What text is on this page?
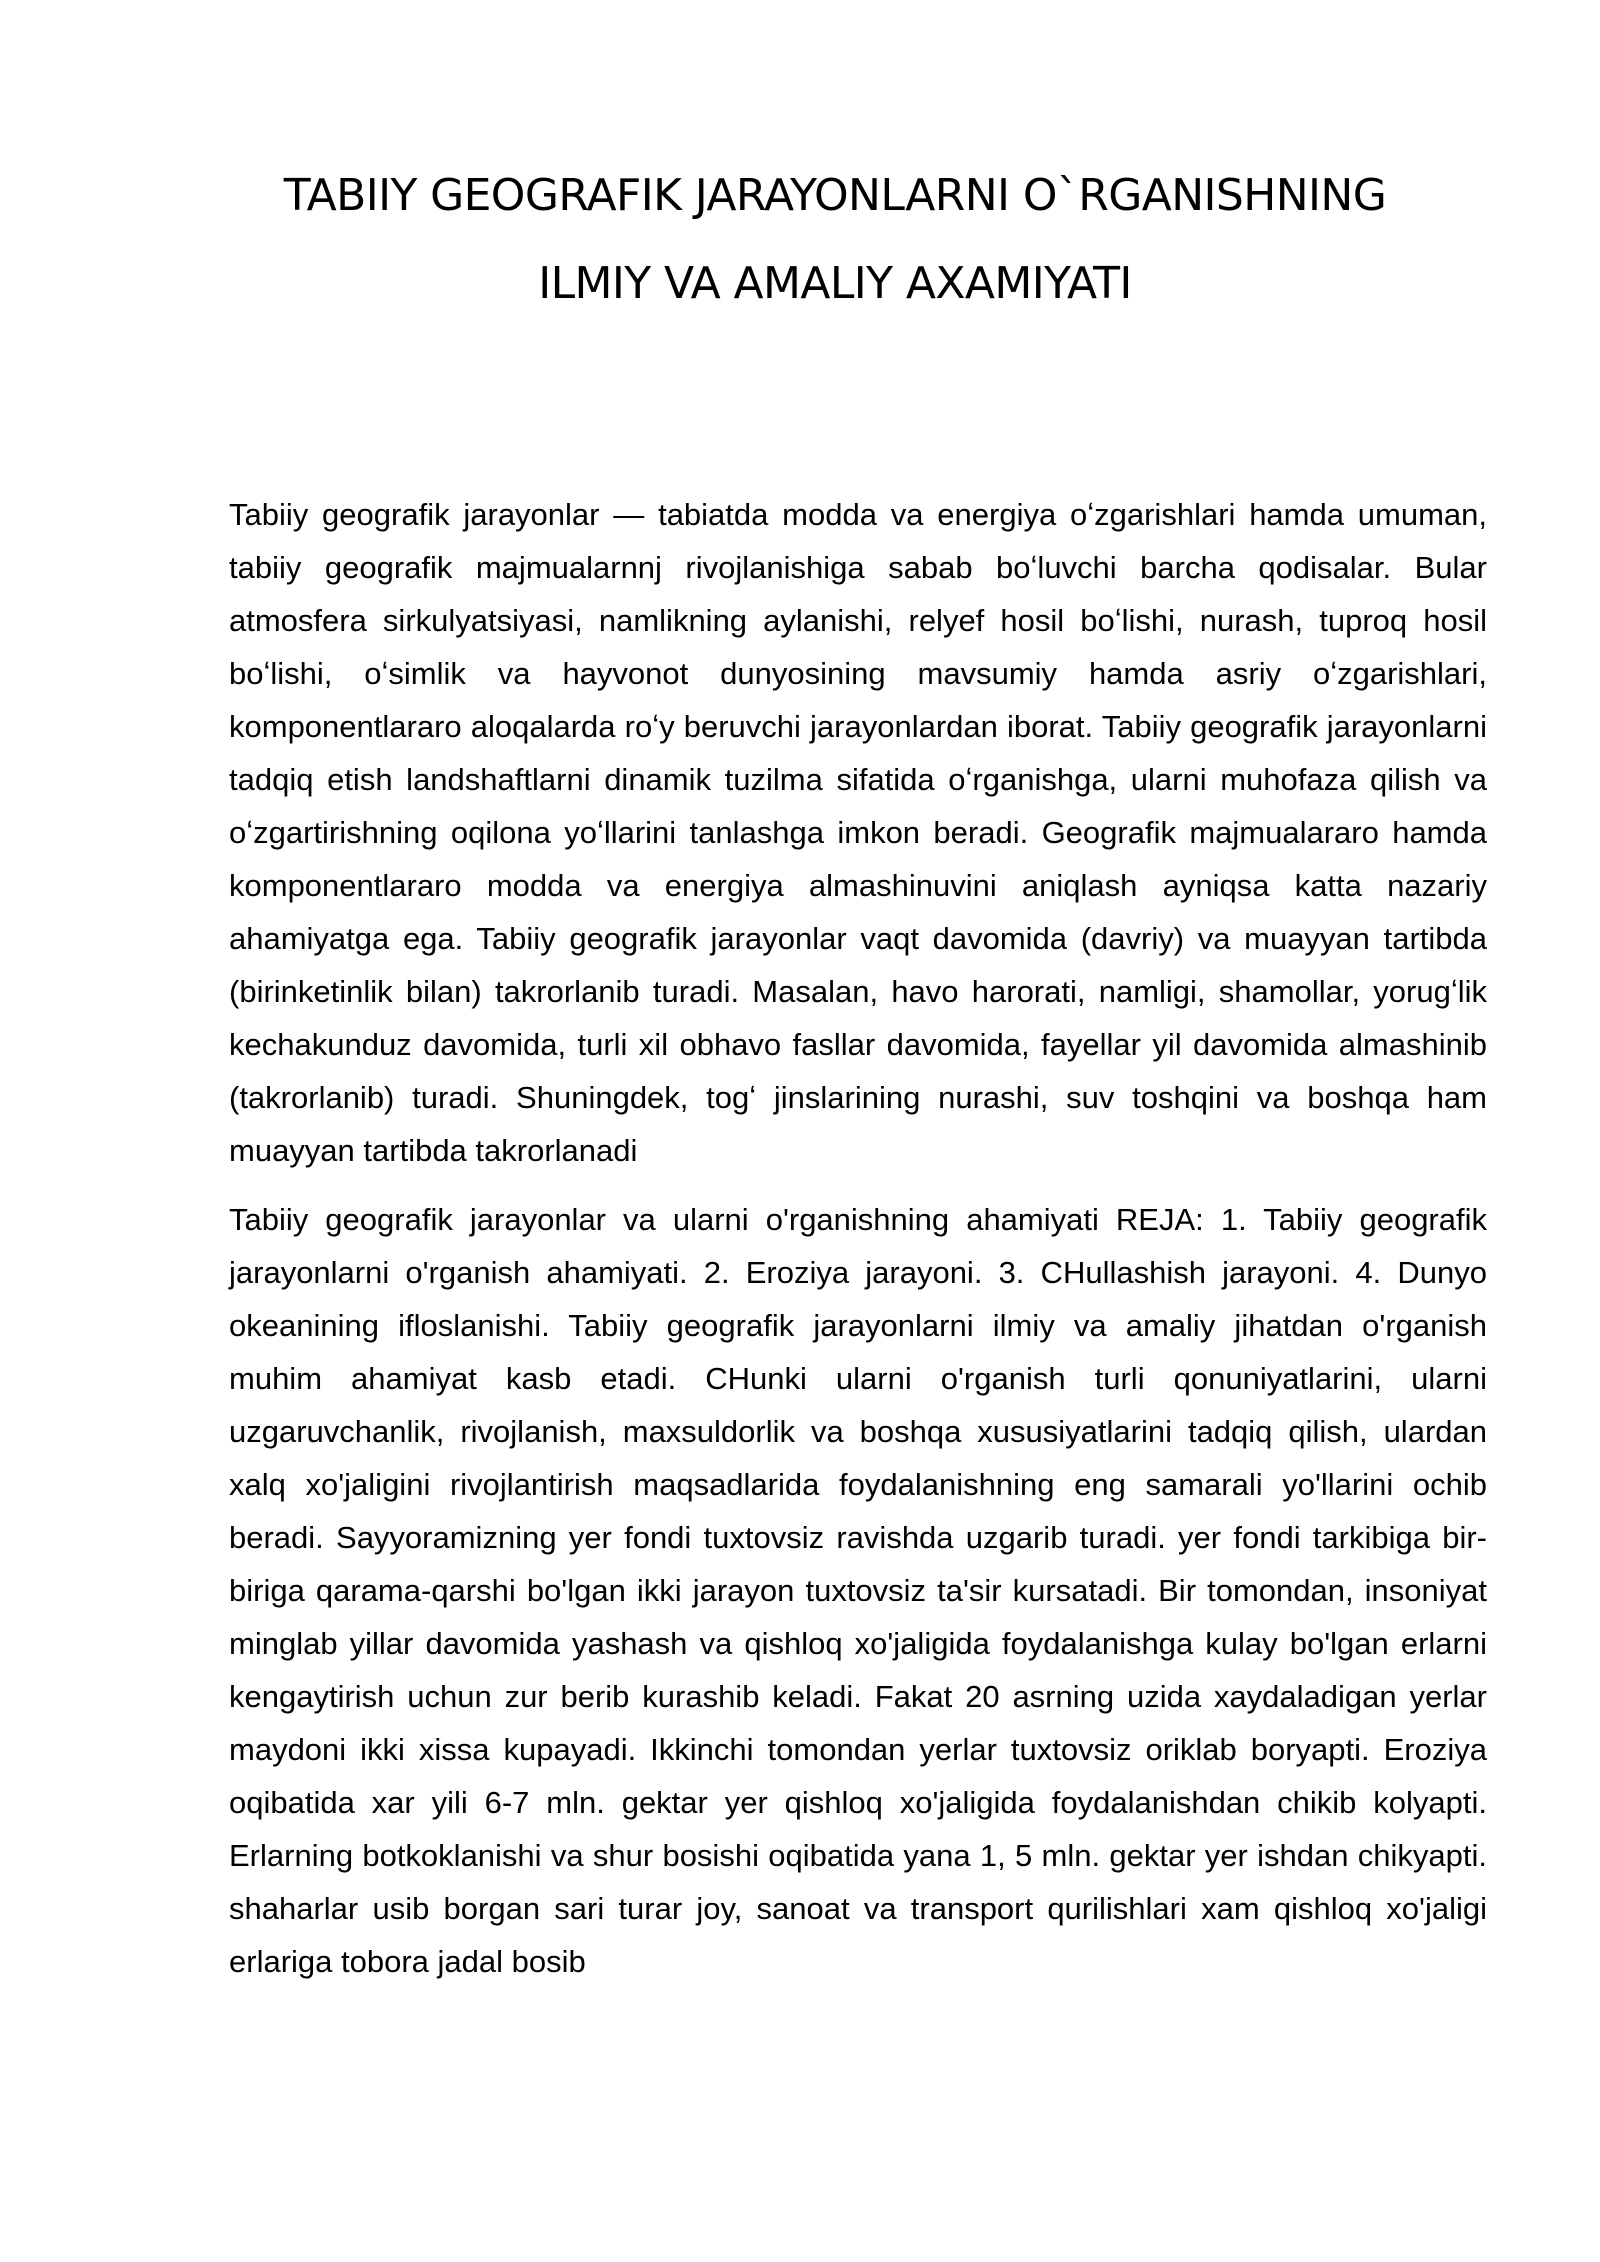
TABIIY GEOGRAFIK JARAYONLARNI O`RGANISHNING
ILMIY VA AMALIY AXAMIYATI

Tabiiy geografik jarayonlar — tabiatda modda va energiya oʻzgarishlari hamda umuman, tabiiy geografik majmualarnnj rivojlanishiga sabab boʻluvchi barcha qodisalar. Bular atmosfera sirkulyatsiyasi, namlikning aylanishi, relyef hosil boʻlishi, nurash, tuproq hosil boʻlishi, oʻsimlik va hayvonot dunyosining mavsumiy hamda asriy oʻzgarishlari, komponentlararo aloqalarda roʻy beruvchi jarayonlardan iborat. Tabiiy geografik jarayonlarni tadqiq etish landshaftlarni dinamik tuzilma sifatida oʻrganishga, ularni muhofaza qilish va oʻzgartirishning oqilona yoʻllarini tanlashga imkon beradi. Geografik majmualararo hamda komponentlararo modda va energiya almashinuvini aniqlash ayniqsa katta nazariy ahamiyatga ega. Tabiiy geografik jarayonlar vaqt davomida (davriy) va muayyan tartibda (birinketinlik bilan) takrorlanib turadi. Masalan, havo harorati, namligi, shamollar, yorugʻlik kechakunduz davomida, turli xil obhavo fasllar davomida, fayellar yil davomida almashinib (takrorlanib) turadi. Shuningdek, togʻ jinslarining nurashi, suv toshqini va boshqa ham muayyan tartibda takrorlanadi

Tabiiy geografik jarayonlar va ularni o'rganishning ahamiyati REJA: 1. Tabiiy geografik jarayonlarni o'rganish ahamiyati. 2. Eroziya jarayoni. 3. CHullashish jarayoni. 4. Dunyo okeanining ifloslanishi. Tabiiy geografik jarayonlarni ilmiy va amaliy jihatdan o'rganish muhim ahamiyat kasb etadi. CHunki ularni o'rganish turli qonuniyatlarini, ularni uzgaruvchanlik, rivojlanish, maxsuldorlik va boshqa xususiyatlarini tadqiq qilish, ulardan xalq xo'jaligini rivojlantirish maqsadlarida foydalanishning eng samarali yo'llarini ochib beradi. Sayyoramizning yer fondi tuxtovsiz ravishda uzgarib turadi. yer fondi tarkibiga bir-biriga qarama-qarshi bo'lgan ikki jarayon tuxtovsiz ta'sir kursatadi. Bir tomondan, insoniyat minglab yillar davomida yashash va qishloq xo'jaligida foydalanishga kulay bo'lgan erlarni kengaytirish uchun zur berib kurashib keladi. Fakat 20 asrning uzida xaydaladigan yerlar maydoni ikki xissa kupayadi. Ikkinchi tomondan yerlar tuxtovsiz oriklab boryapti. Eroziya oqibatida xar yili 6-7 mln. gektar yer qishloq xo'jaligida foydalanishdan chikib kolyapti. Erlarning botkoklanishi va shur bosishi oqibatida yana 1, 5 mln. gektar yer ishdan chikyapti. shaharlar usib borgan sari turar joy, sanoat va transport qurilishlari xam qishloq xo'jaligi erlariga tobora jadal bosib
